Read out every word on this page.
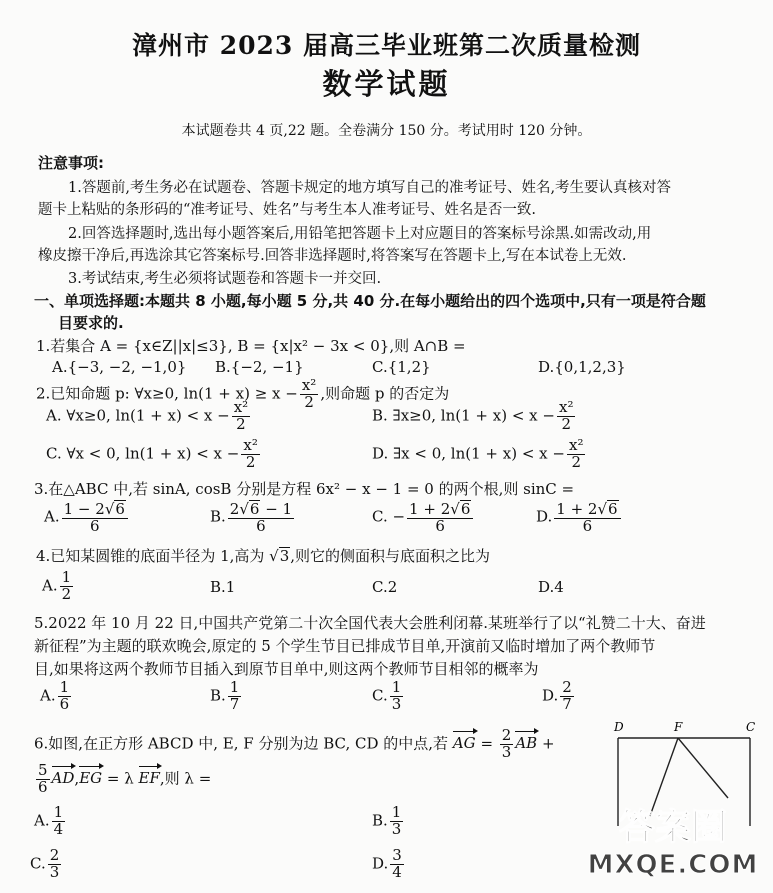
漳州市 2023 届高三毕业班第二次质量检测
数学试题
本试题卷共 4 页,22 题。全卷满分 150 分。考试用时 120 分钟。
注意事项:
1.答题前,考生务必在试题卷、答题卡规定的地方填写自己的准考证号、姓名,考生要认真核对答
题卡上粘贴的条形码的“准考证号、姓名”与考生本人准考证号、姓名是否一致.
2.回答选择题时,选出每小题答案后,用铅笔把答题卡上对应题目的答案标号涂黑.如需改动,用
橡皮擦干净后,再选涂其它答案标号.回答非选择题时,将答案写在答题卡上,写在本试卷上无效.
3.考试结束,考生必须将试题卷和答题卡一并交回.
一、单项选择题:本题共 8 小题,每小题 5 分,共 40 分.在每小题给出的四个选项中,只有一项是符合题
目要求的.
1.若集合 A = {x∈Z||x|≤3}, B = {x|x² − 3x < 0},则 A∩B =
A.{−3, −2, −1,0} B.{−2, −1}	C.{1,2}	D.{0,1,2,3}
2.已知命题 p: ∀x≥0, $\ln(1 + x) \ge x - \frac{\text{x²}}{2}$ ,则命题 p 的否定为
A. ∀x≥0, $\ln(1 + x) < x - \frac{\text{x²}}{2}$	B. ∃x≥0, $\ln(1 + x) < x - \frac{\text{x²}}{2}$
C. ∀x < 0, $\ln(1 + x) < x - \frac{\text{x²}}{2}$	D. ∃x < 0, $\ln(1 + x) < x - \frac{\text{x²}}{2}$
3.在△ABC 中,若 sinA, cosB 分别是方程 6x² − x − 1 = 0 的两个根,则 sinC =
A. $\frac{1 - 2√6}{6}$	B. $\frac{2√6 - 1}{6}$	C. − $\frac{1 + 2√6}{6}$	D. $\frac{1 + 2√6}{6}$
4.已知某圆锥的底面半径为 1,高为 √3,则它的侧面积与底面积之比为
A. $\frac{1}{2}$	B.1	C.2	D.4
5.2022 年 10 月 22 日,中国共产党第二十次全国代表大会胜利闭幕.某班举行了以“礼赞二十大、奋进
新征程”为主题的联欢晚会,原定的 5 个学生节目已排成节目单,开演前又临时增加了两个教师节
目,如果将这两个教师节目插入到原节目单中,则这两个教师节目相邻的概率为
A. $\frac{1}{6}$	B. $\frac{1}{7}$	C. $\frac{1}{3}$	D. $\frac{2}{7}$
6.如图,在正方形 ABCD 中, E, F 分别为边 BC, CD 的中点,若 AG = $\frac{2}{3}$ AB +
$\frac{5}{6} AD,EG = \lambda$ EF,则 λ =
A. $\frac{1}{4}$	B. $\frac{1}{3}$
C. $\frac{2}{3}$	D. $\frac{3}{4}$
D	F	C
答案圈
MXQE.COM
